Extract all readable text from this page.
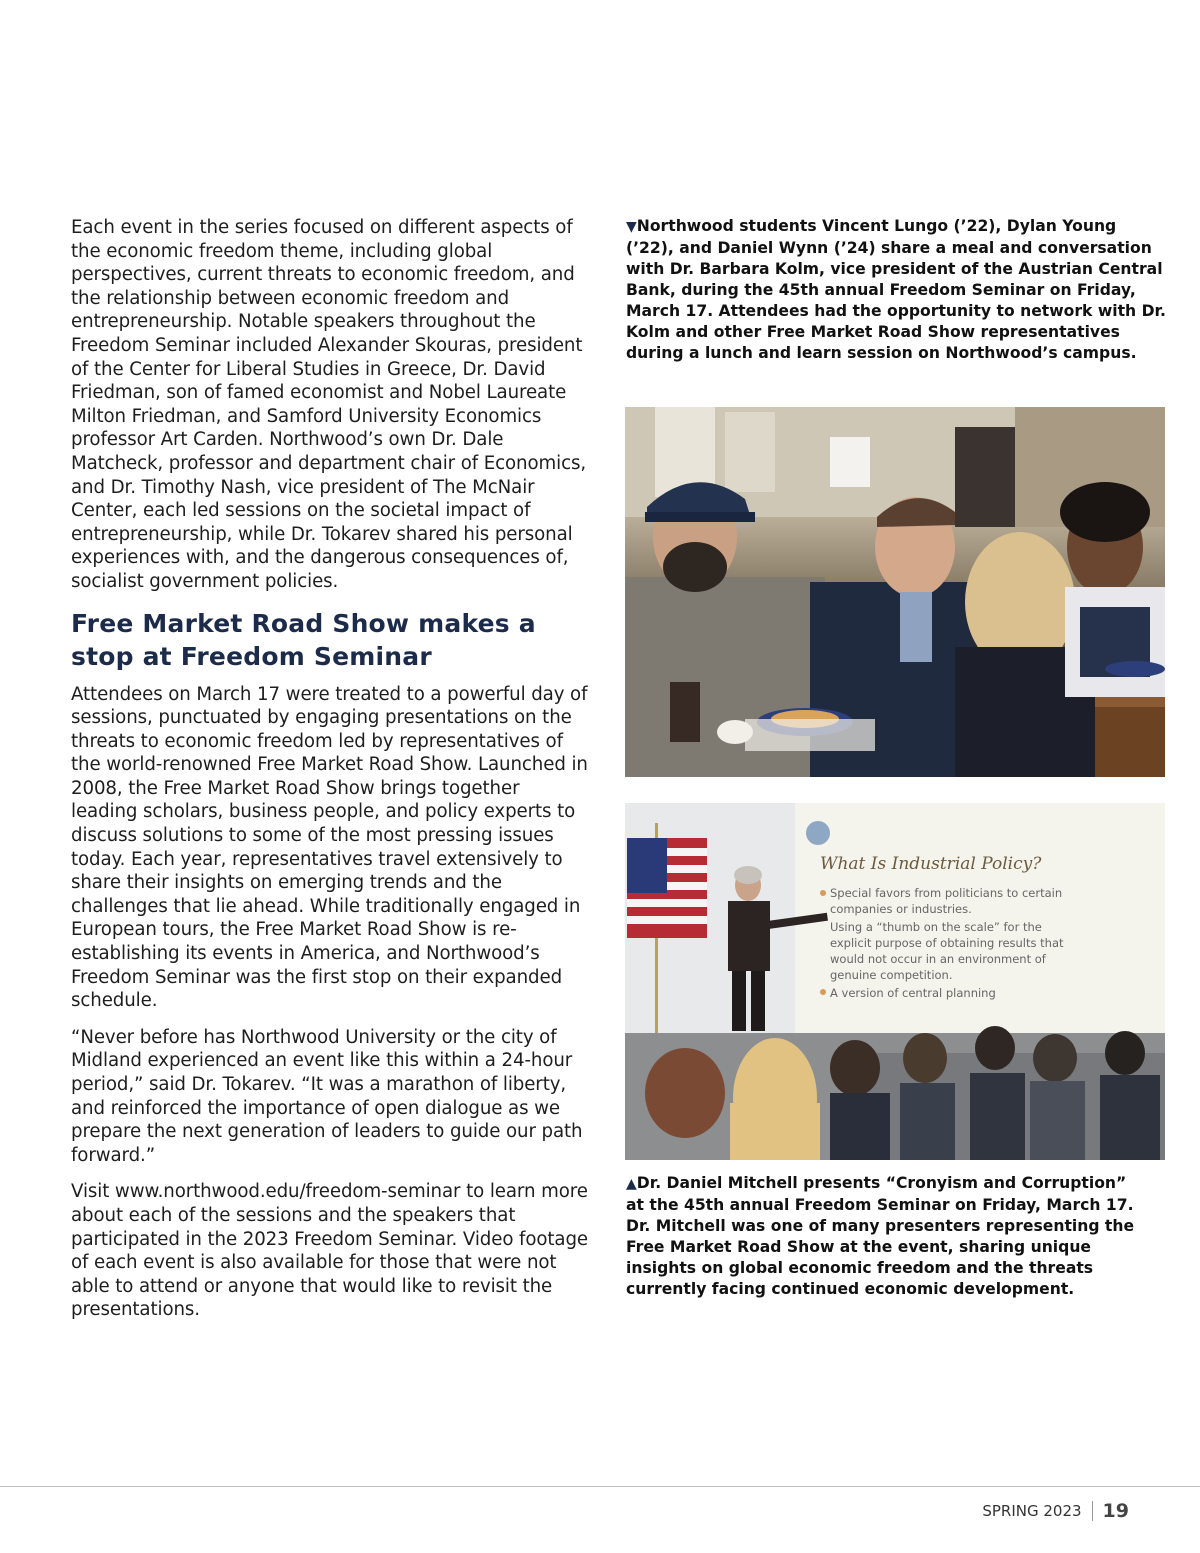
Each event in the series focused on different aspects of the economic freedom theme, including global perspectives, current threats to economic freedom, and the relationship between economic freedom and entrepreneurship. Notable speakers throughout the Freedom Seminar included Alexander Skouras, president of the Center for Liberal Studies in Greece, Dr. David Friedman, son of famed economist and Nobel Laureate Milton Friedman, and Samford University Economics professor Art Carden. Northwood’s own Dr. Dale Matcheck, professor and department chair of Economics, and Dr. Timothy Nash, vice president of The McNair Center, each led sessions on the societal impact of entrepreneurship, while Dr. Tokarev shared his personal experiences with, and the dangerous consequences of, socialist government policies.

Free Market Road Show makes a stop at Freedom Seminar

Attendees on March 17 were treated to a powerful day of sessions, punctuated by engaging presentations on the threats to economic freedom led by representatives of the world-renowned Free Market Road Show. Launched in 2008, the Free Market Road Show brings together leading scholars, business people, and policy experts to discuss solutions to some of the most pressing issues today. Each year, representatives travel extensively to share their insights on emerging trends and the challenges that lie ahead. While traditionally engaged in European tours, the Free Market Road Show is re-establishing its events in America, and Northwood’s Freedom Seminar was the first stop on their expanded schedule.

“Never before has Northwood University or the city of Midland experienced an event like this within a 24-hour period,” said Dr. Tokarev. “It was a marathon of liberty, and reinforced the importance of open dialogue as we prepare the next generation of leaders to guide our path forward.”

Visit www.northwood.edu/freedom-seminar to learn more about each of the sessions and the speakers that participated in the 2023 Freedom Seminar. Video footage of each event is also available for those that were not able to attend or anyone that would like to revisit the presentations.

▼Northwood students Vincent Lungo (’22), Dylan Young (’22), and Daniel Wynn (’24) share a meal and conversation with Dr. Barbara Kolm, vice president of the Austrian Central Bank, during the 45th annual Freedom Seminar on Friday, March 17. Attendees had the opportunity to network with Dr. Kolm and other Free Market Road Show representatives during a lunch and learn session on Northwood’s campus.

What Is Industrial Policy?
Special favors from politicians to certain
companies or industries.
Using a “thumb on the scale” for the
explicit purpose of obtaining results that
would not occur in an environment of
genuine competition.
A version of central planning

▲Dr. Daniel Mitchell presents “Cronyism and Corruption” at the 45th annual Freedom Seminar on Friday, March 17. Dr. Mitchell was one of many presenters representing the Free Market Road Show at the event, sharing unique insights on global economic freedom and the threats currently facing continued economic development.

SPRING 2023 19
